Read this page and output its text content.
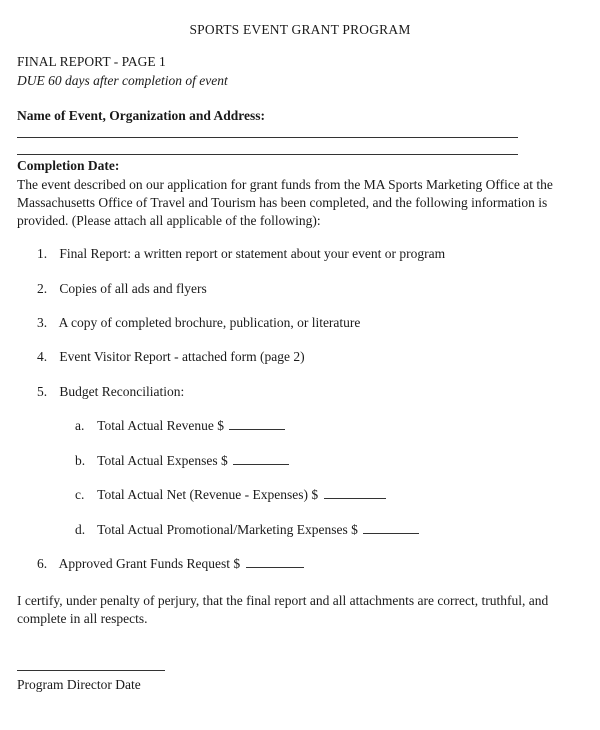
SPORTS EVENT GRANT PROGRAM
FINAL REPORT - PAGE 1
DUE 60 days after completion of event
Name of Event, Organization and Address:
Completion Date:
The event described on our application for grant funds from the MA Sports Marketing Office at the Massachusetts Office of Travel and Tourism has been completed, and the following information is provided. (Please attach all applicable of the following):
1. Final Report: a written report or statement about your event or program
2. Copies of all ads and flyers
3. A copy of completed brochure, publication, or literature
4. Event Visitor Report - attached form (page 2)
5. Budget Reconciliation:
a. Total Actual Revenue $
b. Total Actual Expenses $
c. Total Actual Net (Revenue - Expenses) $
d. Total Actual Promotional/Marketing Expenses $
6. Approved Grant Funds Request $
I certify, under penalty of perjury, that the final report and all attachments are correct, truthful, and complete in all respects.
Program Director Date
